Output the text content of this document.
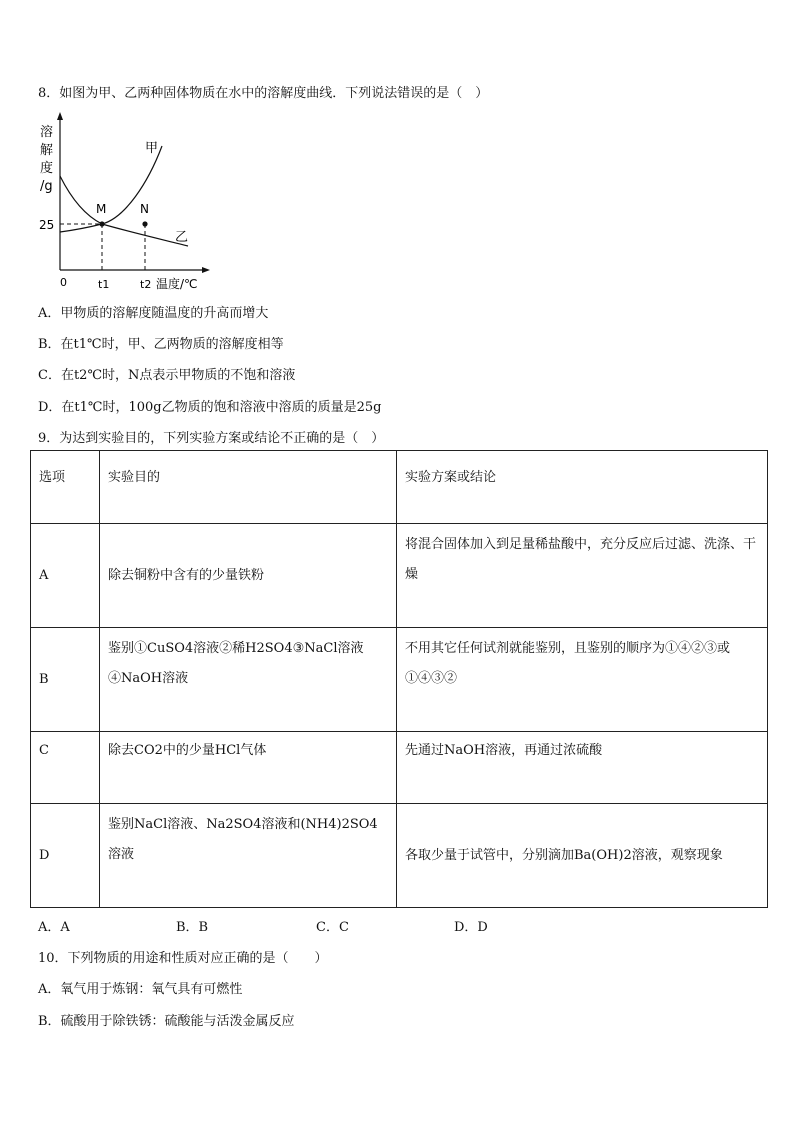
8．如图为甲、乙两种固体物质在水中的溶解度曲线．下列说法错误的是（　）
溶
解
度
/g
25
M	N
甲
乙
0	t1	t2 温度/℃
A．甲物质的溶解度随温度的升高而增大
B．在t1℃时，甲、乙两物质的溶解度相等
C．在t2℃时，N点表示甲物质的不饱和溶液
D．在t1℃时，100g乙物质的饱和溶液中溶质的质量是25g
9．为达到实验目的，下列实验方案或结论不正确的是（　）
选项	实验目的	实验方案或结论

A	除去铜粉中含有的少量铁粉	将混合固体加入到足量稀盐酸中，充分反应后过滤、洗涤、干燥

B	鉴别①CuSO4溶液②稀H2SO4③NaCl溶液④NaOH溶液	不用其它任何试剂就能鉴别，且鉴别的顺序为①④②③或①④③②

C	除去CO2中的少量HCl气体	先通过NaOH溶液，再通过浓硫酸

D	鉴别NaCl溶液、Na2SO4溶液和(NH4)2SO4溶液	各取少量于试管中，分别滴加Ba(OH)2溶液，观察现象
A．A	B．B	C．C	D．D
10．下列物质的用途和性质对应正确的是（　　）
A．氧气用于炼钢：氧气具有可燃性
B．硫酸用于除铁锈：硫酸能与活泼金属反应
